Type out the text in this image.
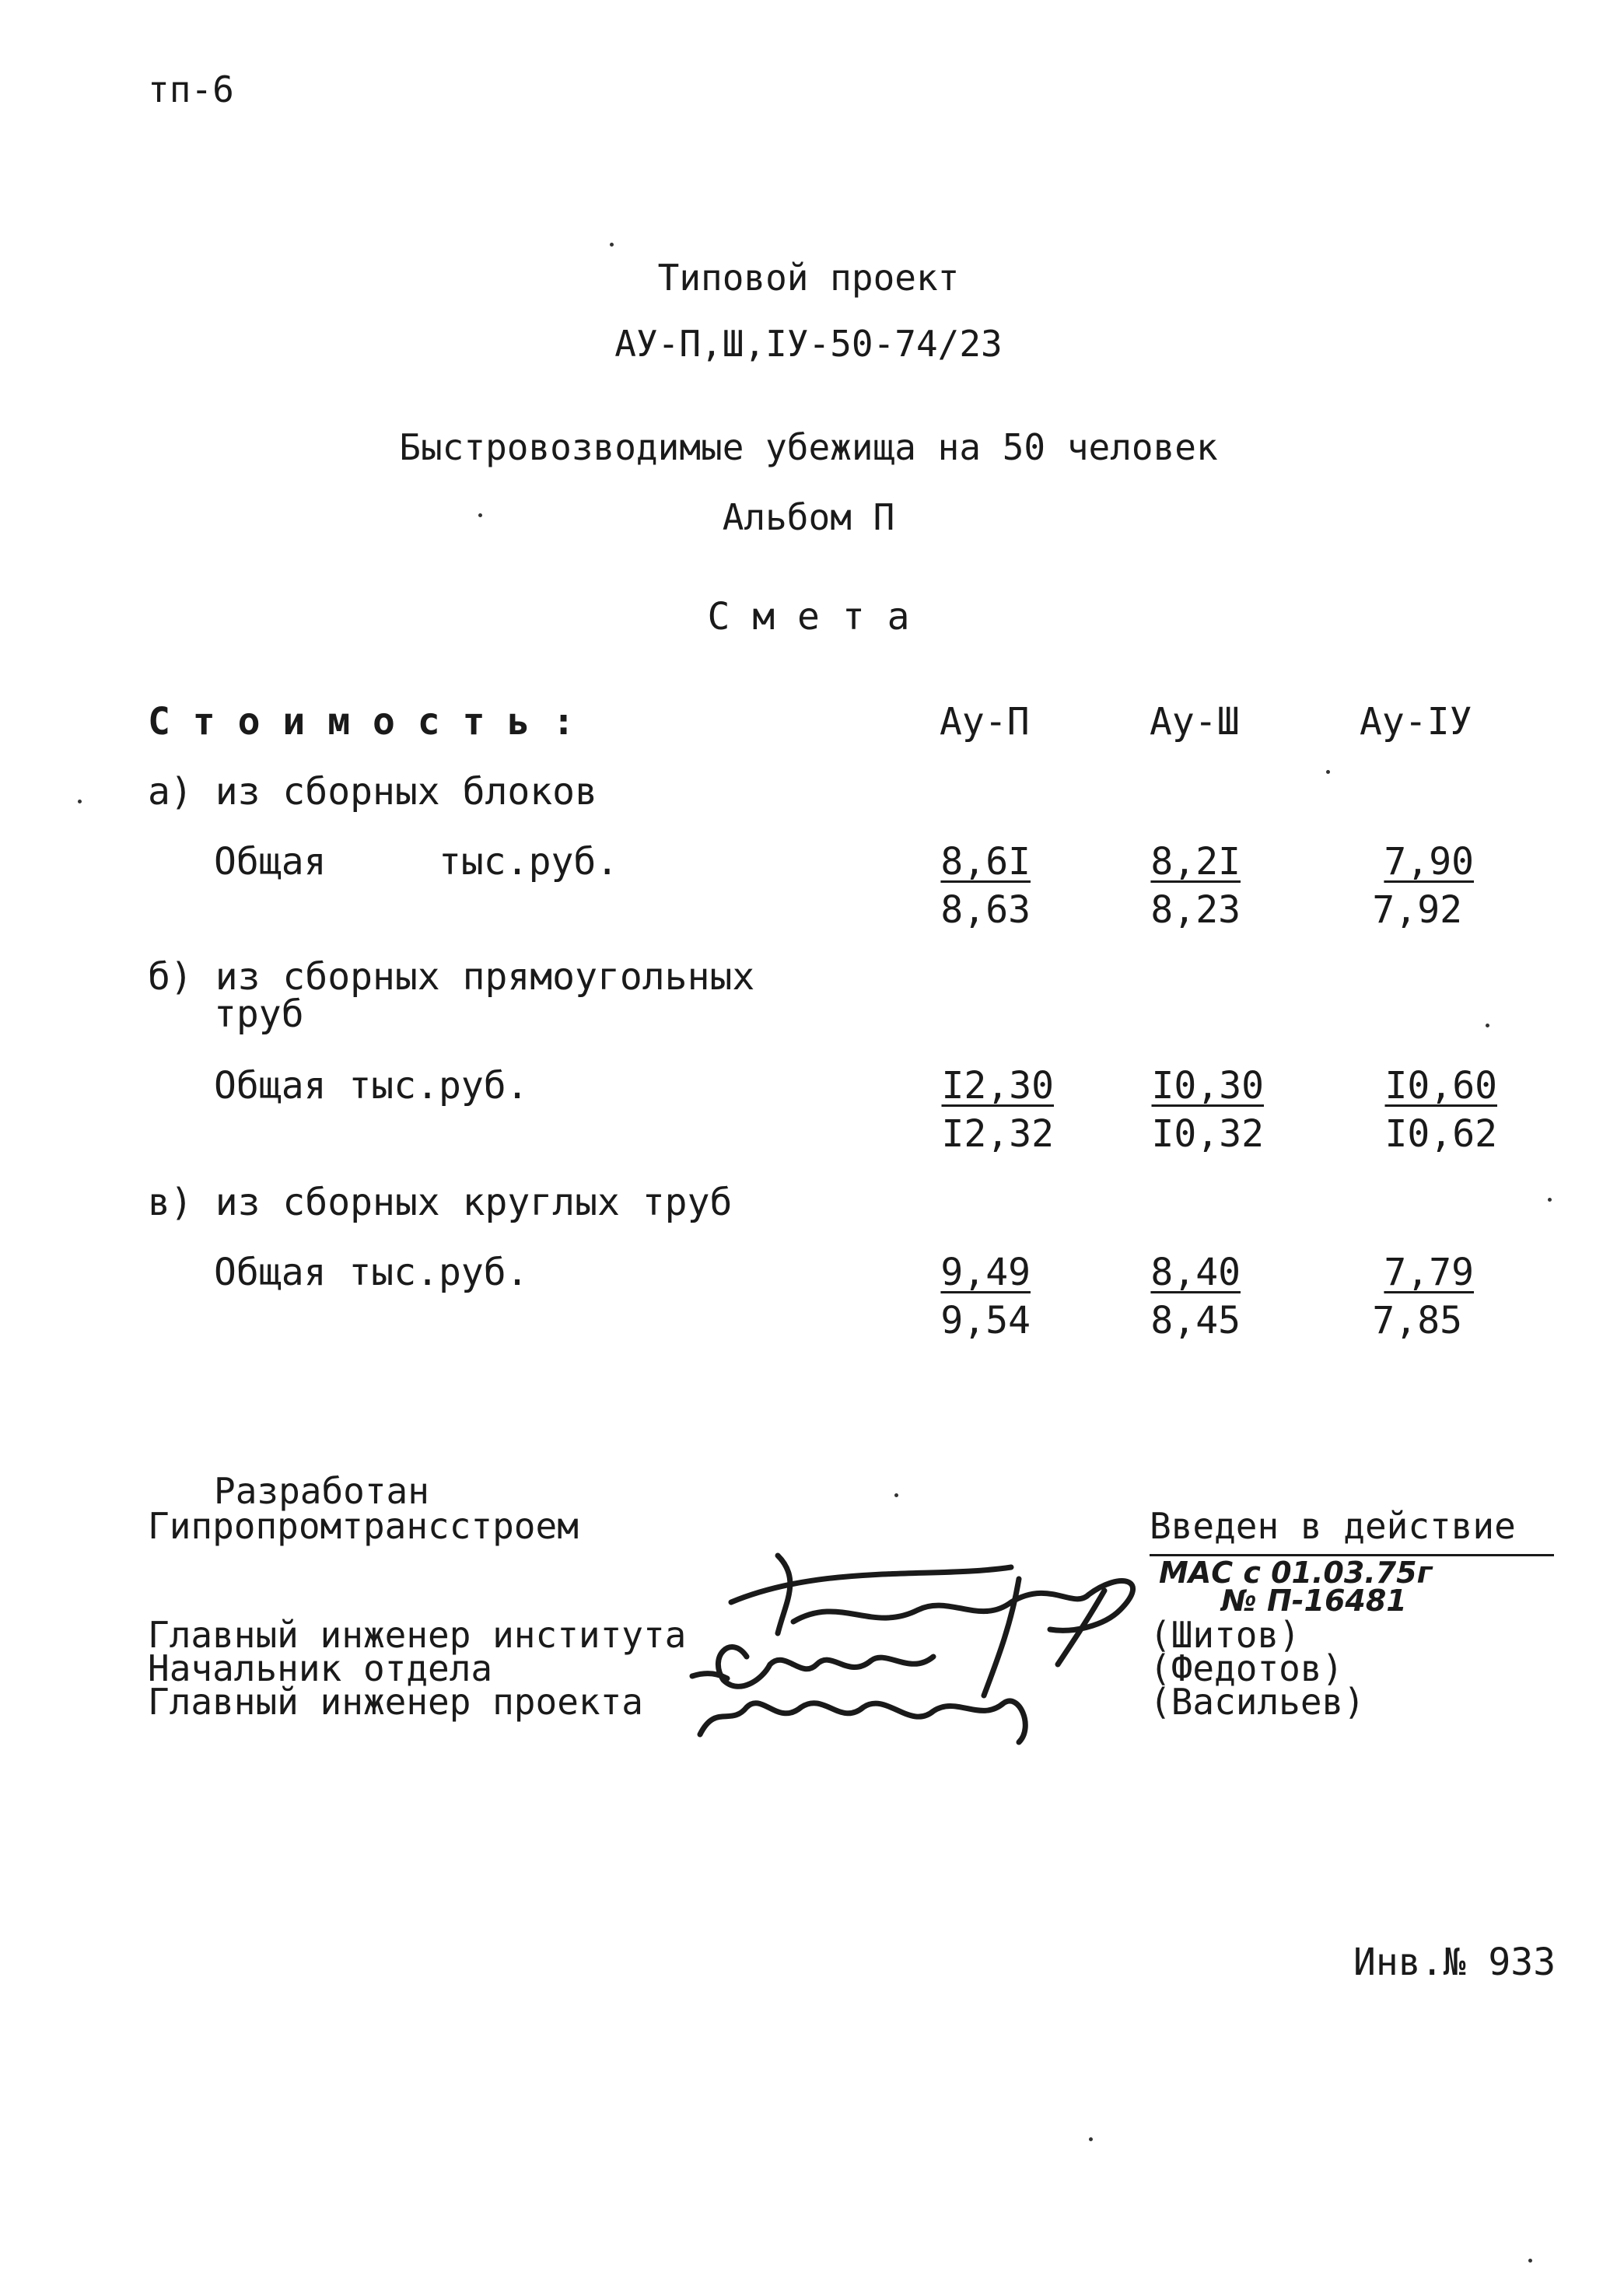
тп-6
Типовой проект
АУ-П,Ш,IУ-50-74/23
Быстровозводимые убежища на 50 человек
Альбом П
С м е т а
С т о и м о с т ь :	Ау-П	Ау-Ш	Ау-IУ
а) из сборных блоков
Общая     тыс.руб.	8,6I	8,2I	7,90
8,63	8,23	7,92
б) из сборных прямоугольных
труб
Общая тыс.руб.	I2,30	I0,30	I0,60
I2,32	I0,32	I0,62
в) из сборных круглых труб
Общая тыс.руб.	9,49	8,40	7,79
9,54	8,45	7,85
Разработан
Гипропромтрансстроем	Введен в действие
МАС с 01.03.75г
№ П-16481
Главный инженер института
Начальник отдела
Главный инженер проекта
(Шитов)
(Федотов)
(Васильев)
Инв.№ 933
